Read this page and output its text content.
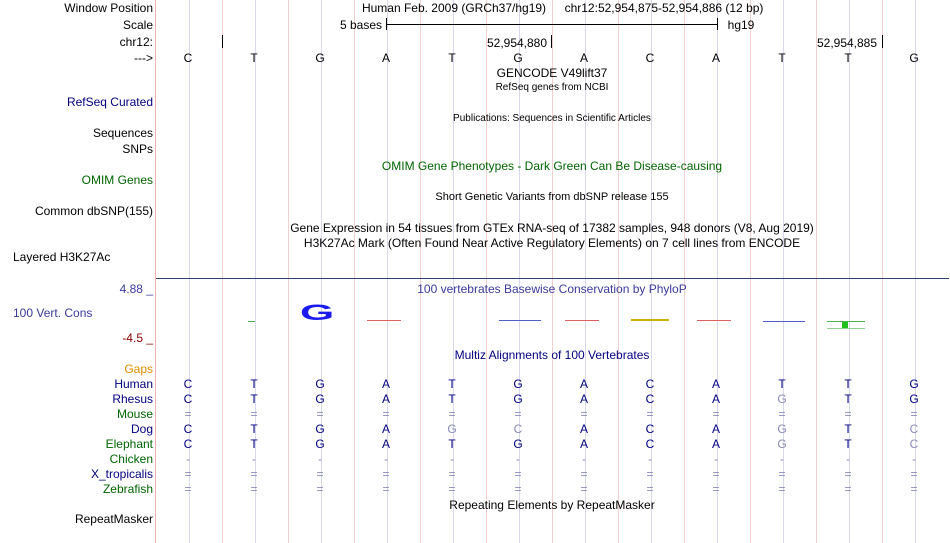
Window Position
Scale
chr12:
--->
RefSeq Curated
Sequences
SNPs
OMIM Genes
Common dbSNP(155)
Layered H3K27Ac
4.88 _
100 Vert. Cons
-4.5 _
Gaps
Human
Rhesus
Mouse
Dog
Elephant
Chicken
X_tropicalis
Zebrafish
RepeatMasker
Human Feb. 2009 (GRCh37/hg19) chr12:52,954,875-52,954,886 (12 bp)
5 bases	hg19
52,954,880	52,954,885
C	T	G	A	T	G	A	C	A	T	T	G
GENCODE V49lift37
RefSeq genes from NCBI
Publications: Sequences in Scientific Articles
OMIM Gene Phenotypes - Dark Green Can Be Disease-causing
Short Genetic Variants from dbSNP release 155
Gene Expression in 54 tissues from GTEx RNA-seq of 17382 samples, 948 donors (V8, Aug 2019)
H3K27Ac Mark (Often Found Near Active Regulatory Elements) on 7 cell lines from ENCODE
100 vertebrates Basewise Conservation by PhyloP
G
Multiz Alignments of 100 Vertebrates
C	T	G	A	T	G	A	C	A	T	T	G
C	T	G	A	T	G	A	C	A	G	T	G
=	=	=	=	=	=	=	=	=	=	=	=
C	T	G	A	G	C	A	C	A	G	T	C
C	T	G	A	T	G	A	C	A	G	T	C
-	-	-	-	-	-	-	-	-	-	-	-
=	=	=	=	=	=	=	=	=	=	=	=
=	=	=	=	=	=	=	=	=	=	=	=
Repeating Elements by RepeatMasker
